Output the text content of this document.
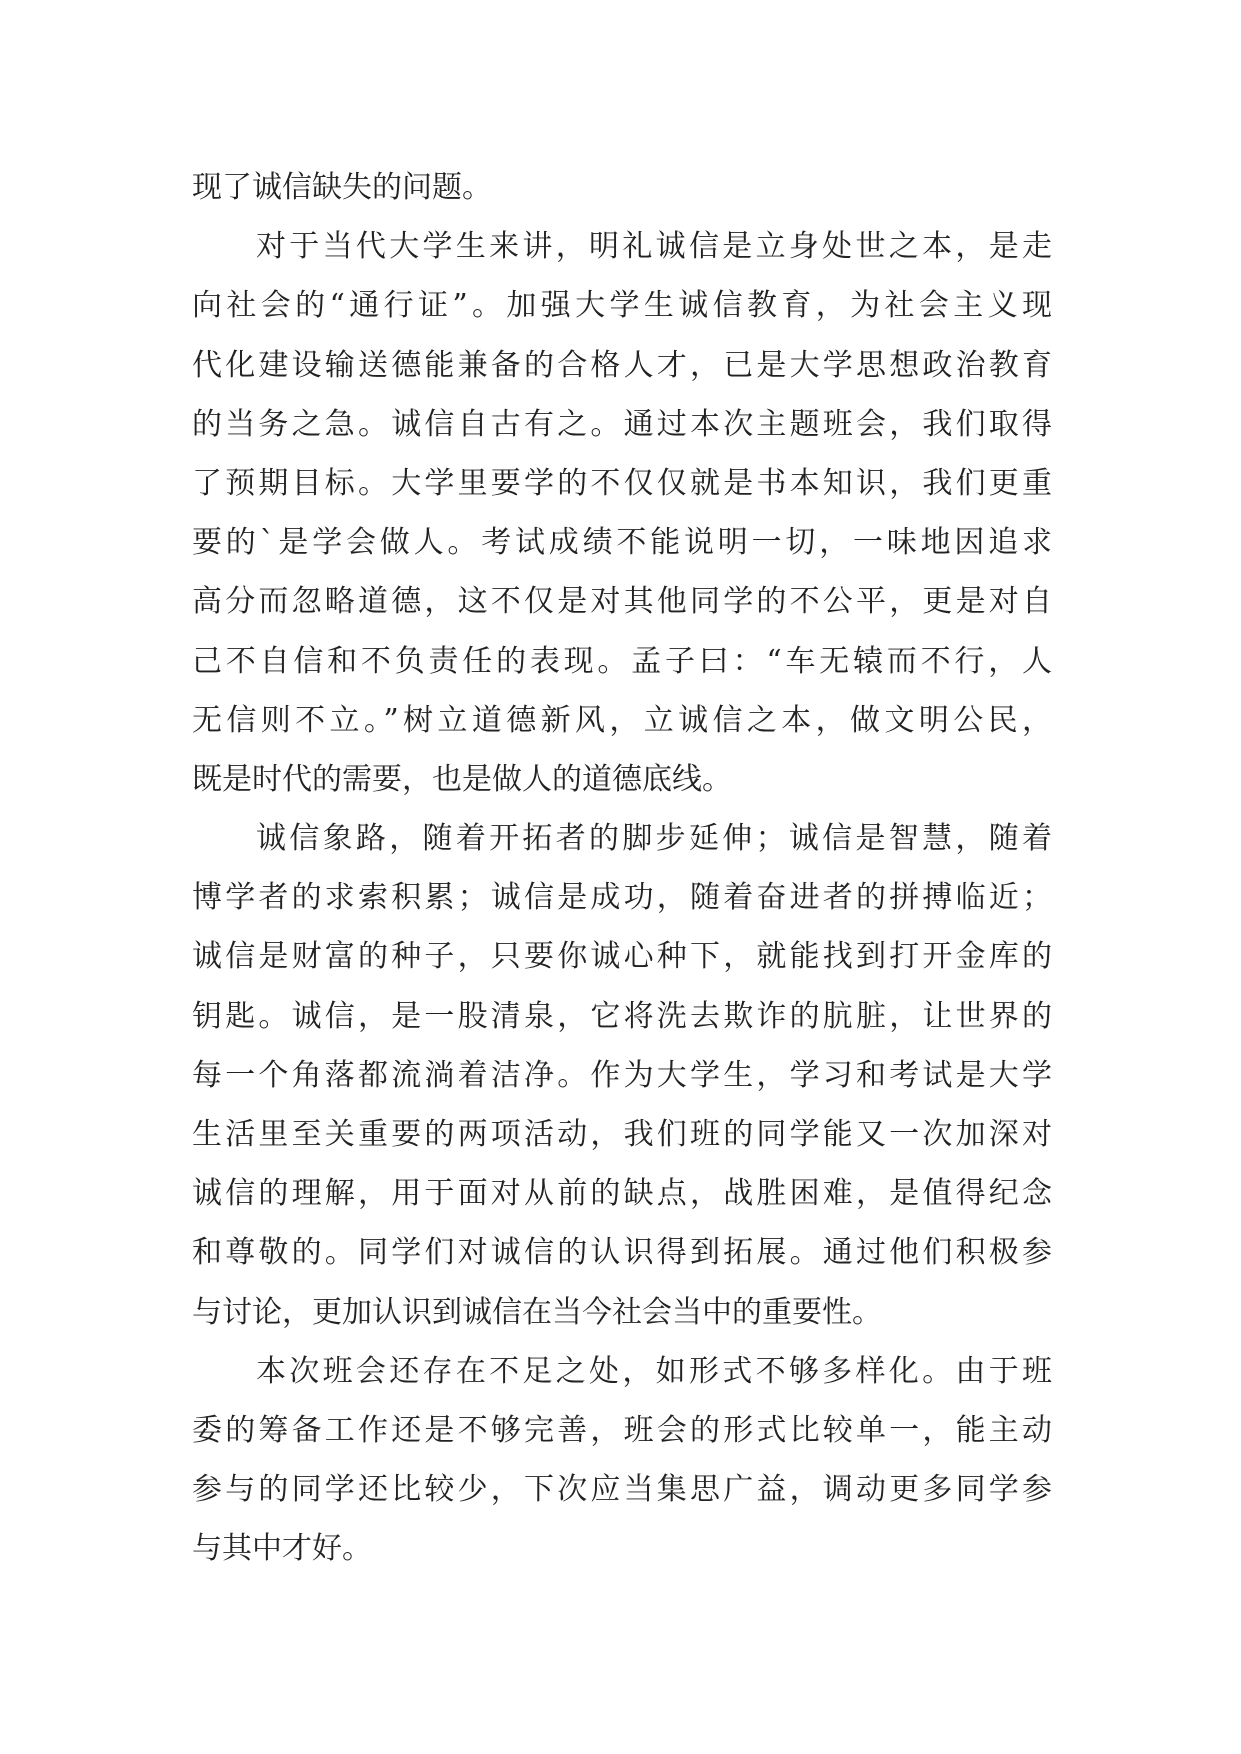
现了诚信缺失的问题。
对于当代大学生来讲，明礼诚信是立身处世之本，是走
向社会的“通行证”。加强大学生诚信教育，为社会主义现
代化建设输送德能兼备的合格人才，已是大学思想政治教育
的当务之急。诚信自古有之。通过本次主题班会，我们取得
了预期目标。大学里要学的不仅仅就是书本知识，我们更重
要的`是学会做人。考试成绩不能说明一切，一味地因追求
高分而忽略道德，这不仅是对其他同学的不公平，更是对自
己不自信和不负责任的表现。孟子曰：“车无辕而不行，人
无信则不立。”树立道德新风，立诚信之本，做文明公民，
既是时代的需要，也是做人的道德底线。
诚信象路，随着开拓者的脚步延伸；诚信是智慧，随着
博学者的求索积累；诚信是成功，随着奋进者的拼搏临近；
诚信是财富的种子，只要你诚心种下，就能找到打开金库的
钥匙。诚信，是一股清泉，它将洗去欺诈的肮脏，让世界的
每一个角落都流淌着洁净。作为大学生，学习和考试是大学
生活里至关重要的两项活动，我们班的同学能又一次加深对
诚信的理解，用于面对从前的缺点，战胜困难，是值得纪念
和尊敬的。同学们对诚信的认识得到拓展。通过他们积极参
与讨论，更加认识到诚信在当今社会当中的重要性。
本次班会还存在不足之处，如形式不够多样化。由于班
委的筹备工作还是不够完善，班会的形式比较单一，能主动
参与的同学还比较少，下次应当集思广益，调动更多同学参
与其中才好。
